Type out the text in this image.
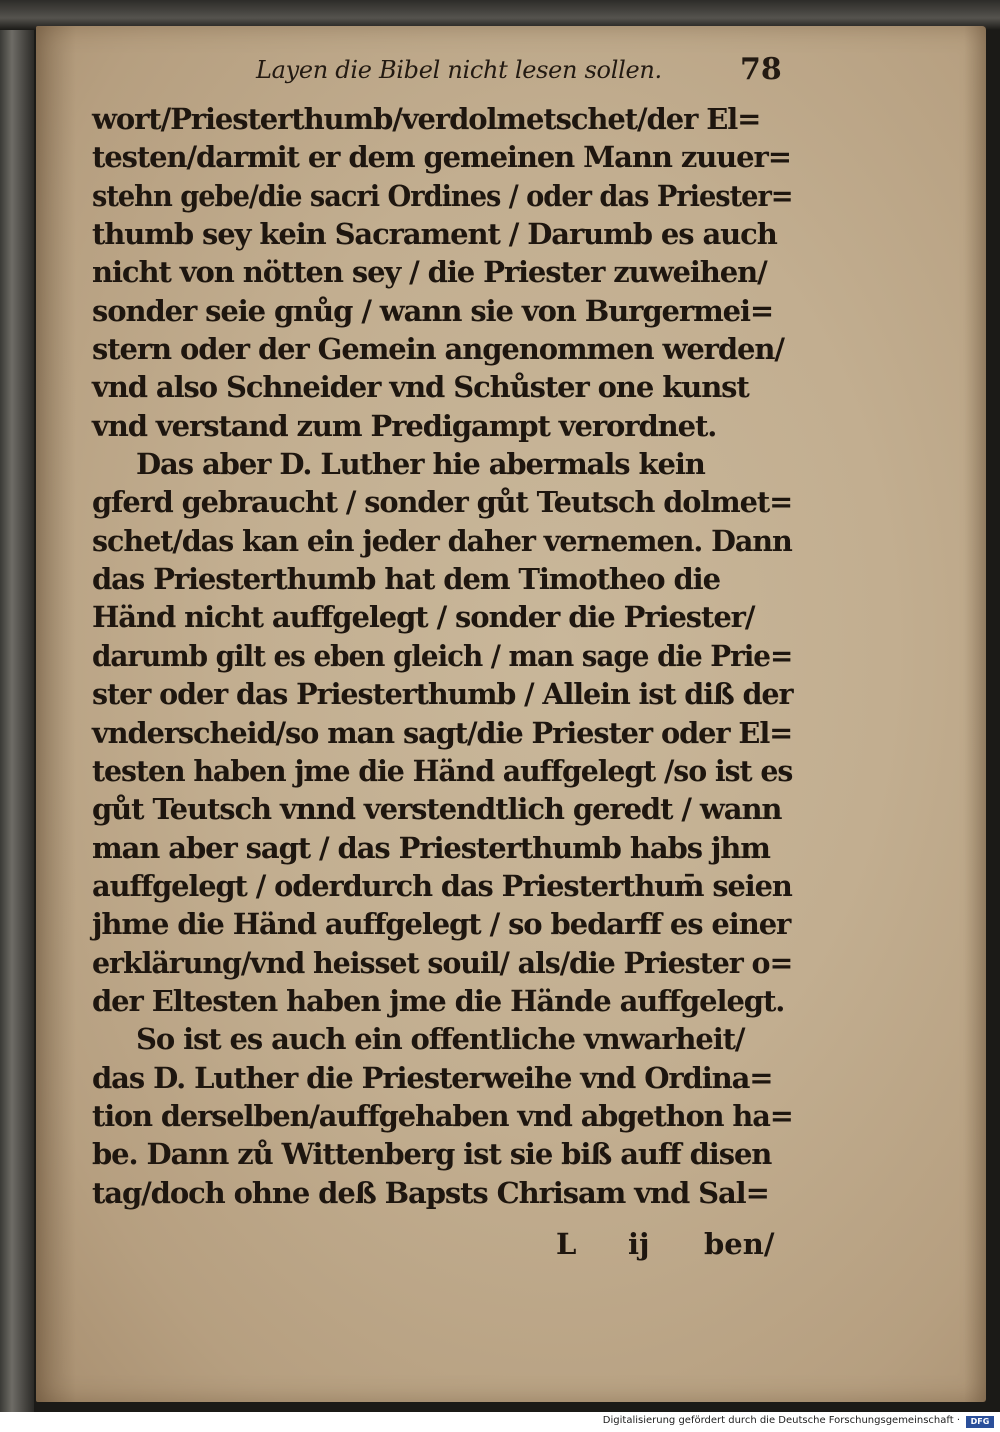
Layen die Bibel nicht lesen sollen.	78
wort/Priesterthumb/verdolmetschet/der El=
testen/darmit er dem gemeinen Mann zuuer=
stehn gebe/die sacri Ordines / oder das Priester=
thumb sey kein Sacrament / Darumb es auch
nicht von nötten sey / die Priester zuweihen/
sonder seie gnůg / wann sie von Burgermei=
stern oder der Gemein angenommen werden/
vnd also Schneider vnd Schůster one kunst
vnd verstand zum Predigampt verordnet.
Das aber D. Luther hie abermals kein
gferd gebraucht / sonder gůt Teutsch dolmet=
schet/das kan ein jeder daher vernemen. Dann
das Priesterthumb hat dem Timotheo die
Händ nicht auffgelegt / sonder die Priester/
darumb gilt es eben gleich / man sage die Prie=
ster oder das Priesterthumb / Allein ist diß der
vnderscheid/so man sagt/die Priester oder El=
testen haben jme die Händ auffgelegt /so ist es
gůt Teutsch vnnd verstendtlich geredt / wann
man aber sagt / das Priesterthumb habs jhm
auffgelegt / oderdurch das Priesterthum̄ seien
jhme die Händ auffgelegt / so bedarff es einer
erklärung/vnd heisset souil/ als/die Priester o=
der Eltesten haben jme die Hände auffgelegt.
So ist es auch ein offentliche vnwarheit/
das D. Luther die Priesterweihe vnd Ordina=
tion derselben/auffgehaben vnd abgethon ha=
be. Dann zů Wittenberg ist sie biß auff disen
tag/doch ohne deß Bapsts Chrisam vnd Sal=
L ij ben/
Digitalisierung gefördert durch die Deutsche Forschungsgemeinschaft ·	DFG
